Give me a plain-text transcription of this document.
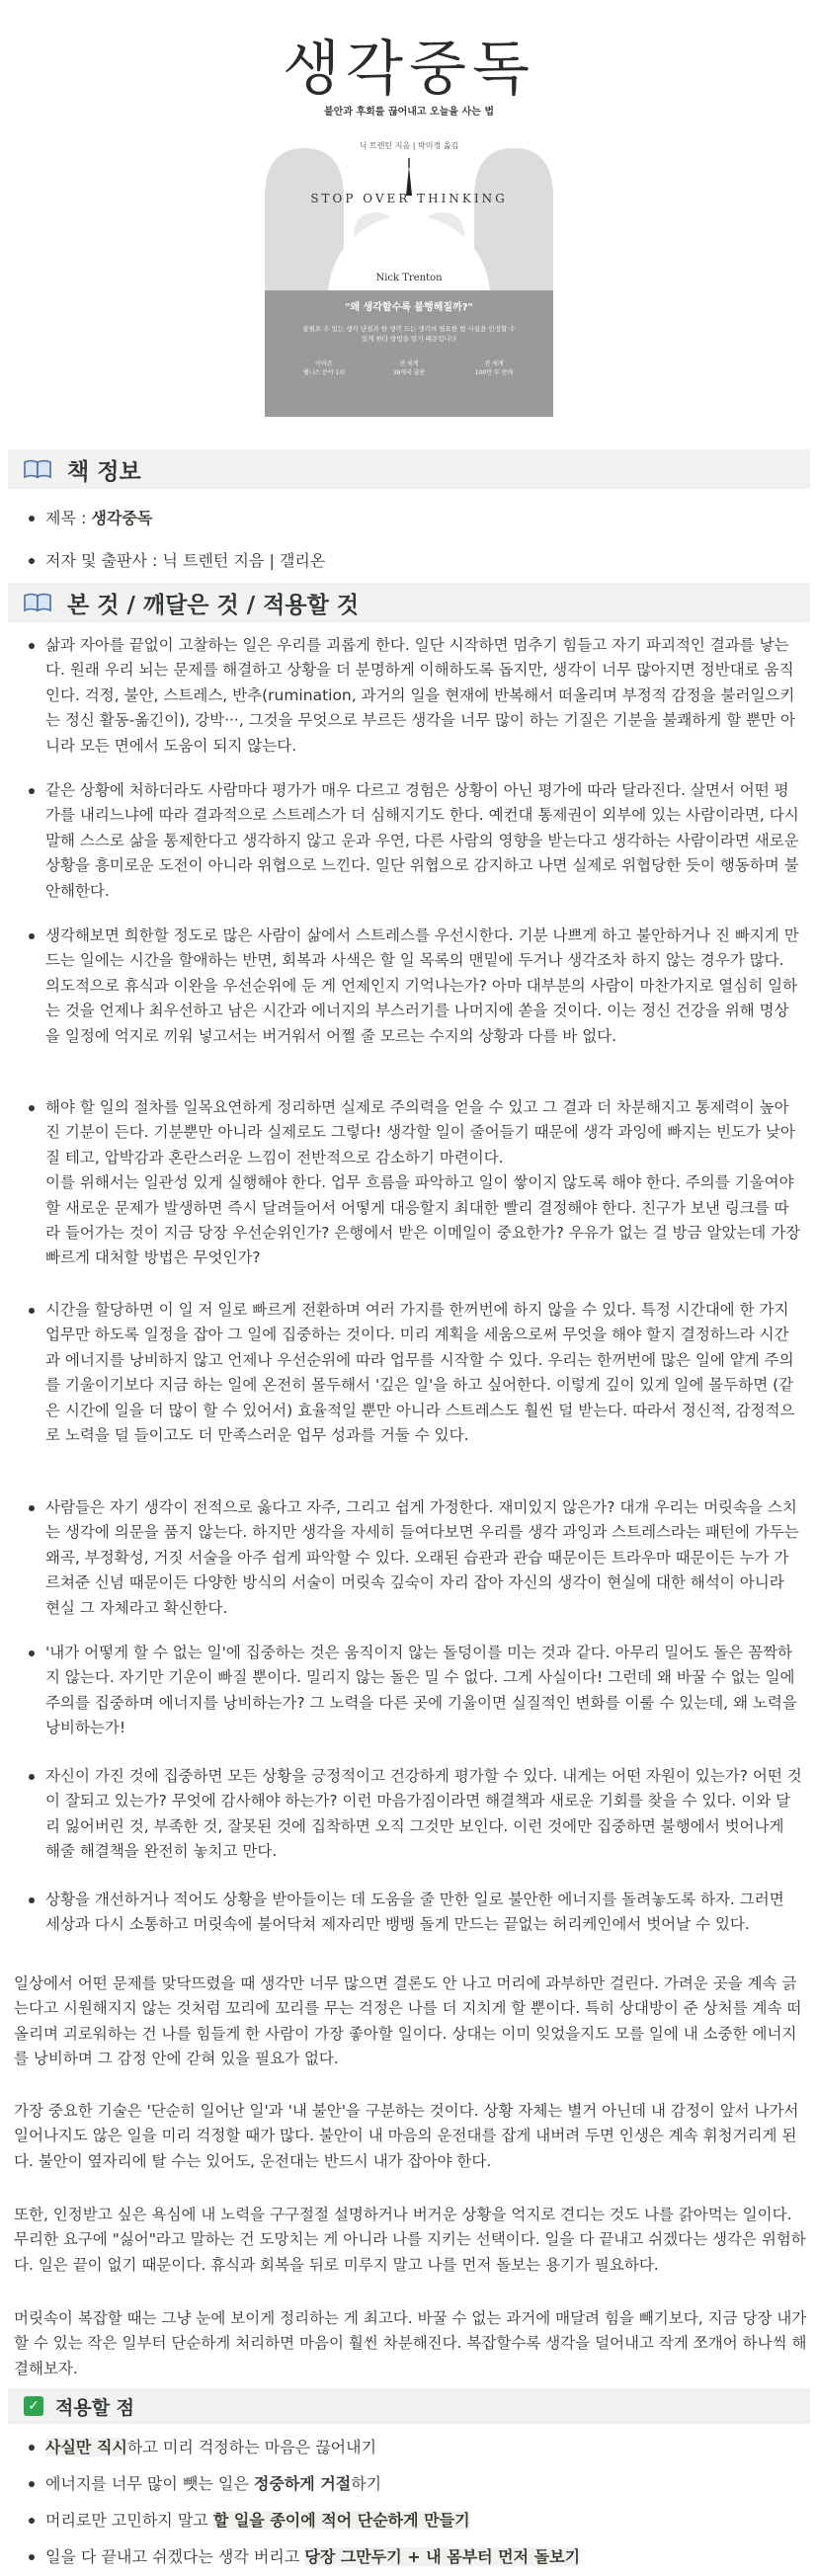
생각중독
불안과 후회를 끊어내고 오늘을 사는 법
닉 트렌턴 지음 | 박미경 옮김
STOP OVER THINKING
Nick Trenton
"왜 생각할수록 불행해질까?"
불필요 수 있는 생각 단점과 한 생각 드는 생각의 필요한 법 사실을 인정할 수 있게 한다 방법을 알기 때문입니다
아마존
웰니스 분야 1위
전 세계
39개국 출판
전 세계
100만 부 판매
책 정보
제목 : 생각중독
저자 및 출판사 : 닉 트렌턴 지음 | 갤리온
본 것 / 깨달은 것 / 적용할 것

삶과 자아를 끝없이 고찰하는 일은 우리를 괴롭게 한다. 일단 시작하면 멈추기 힘들고 자기 파괴적인 결과를 낳는다. 원래 우리 뇌는 문제를 해결하고 상황을 더 분명하게 이해하도록 돕지만, 생각이 너무 많아지면 정반대로 움직인다. 걱정, 불안, 스트레스, 반추(rumination, 과거의 일을 현재에 반복해서 떠올리며 부정적 감정을 불러일으키는 정신 활동-옮긴이), 강박···, 그것을 무엇으로 부르든 생각을 너무 많이 하는 기질은 기분을 불쾌하게 할 뿐만 아니라 모든 면에서 도움이 되지 않는다.

같은 상황에 처하더라도 사람마다 평가가 매우 다르고 경험은 상황이 아닌 평가에 따라 달라진다. 살면서 어떤 평가를 내리느냐에 따라 결과적으로 스트레스가 더 심해지기도 한다. 예컨대 통제권이 외부에 있는 사람이라면, 다시 말해 스스로 삶을 통제한다고 생각하지 않고 운과 우연, 다른 사람의 영향을 받는다고 생각하는 사람이라면 새로운 상황을 흥미로운 도전이 아니라 위협으로 느낀다. 일단 위협으로 감지하고 나면 실제로 위협당한 듯이 행동하며 불안해한다.

생각해보면 희한할 정도로 많은 사람이 삶에서 스트레스를 우선시한다. 기분 나쁘게 하고 불안하거나 진 빠지게 만드는 일에는 시간을 할애하는 반면, 회복과 사색은 할 일 목록의 맨밑에 두거나 생각조차 하지 않는 경우가 많다. 의도적으로 휴식과 이완을 우선순위에 둔 게 언제인지 기억나는가? 아마 대부분의 사람이 마찬가지로 열심히 일하는 것을 언제나 최우선하고 남은 시간과 에너지의 부스러기를 나머지에 쏟을 것이다. 이는 정신 건강을 위해 명상을 일정에 억지로 끼워 넣고서는 버거워서 어쩔 줄 모르는 수지의 상황과 다를 바 없다.

해야 할 일의 절차를 일목요연하게 정리하면 실제로 주의력을 얻을 수 있고 그 결과 더 차분해지고 통제력이 높아진 기분이 든다. 기분뿐만 아니라 실제로도 그렇다! 생각할 일이 줄어들기 때문에 생각 과잉에 빠지는 빈도가 낮아질 테고, 압박감과 혼란스러운 느낌이 전반적으로 감소하기 마련이다.

이를 위해서는 일관성 있게 실행해야 한다. 업무 흐름을 파악하고 일이 쌓이지 않도록 해야 한다. 주의를 기울여야 할 새로운 문제가 발생하면 즉시 달려들어서 어떻게 대응할지 최대한 빨리 결정해야 한다. 친구가 보낸 링크를 따라 들어가는 것이 지금 당장 우선순위인가? 은행에서 받은 이메일이 중요한가? 우유가 없는 걸 방금 알았는데 가장 빠르게 대처할 방법은 무엇인가?

시간을 할당하면 이 일 저 일로 빠르게 전환하며 여러 가지를 한꺼번에 하지 않을 수 있다. 특정 시간대에 한 가지 업무만 하도록 일정을 잡아 그 일에 집중하는 것이다. 미리 계획을 세움으로써 무엇을 해야 할지 결정하느라 시간과 에너지를 낭비하지 않고 언제나 우선순위에 따라 업무를 시작할 수 있다. 우리는 한꺼번에 많은 일에 얕게 주의를 기울이기보다 지금 하는 일에 온전히 몰두해서 '깊은 일'을 하고 싶어한다. 이렇게 깊이 있게 일에 몰두하면 (같은 시간에 일을 더 많이 할 수 있어서) 효율적일 뿐만 아니라 스트레스도 훨씬 덜 받는다. 따라서 정신적, 감정적으로 노력을 덜 들이고도 더 만족스러운 업무 성과를 거둘 수 있다.

사람들은 자기 생각이 전적으로 옳다고 자주, 그리고 쉽게 가정한다. 재미있지 않은가? 대개 우리는 머릿속을 스치는 생각에 의문을 품지 않는다. 하지만 생각을 자세히 들여다보면 우리를 생각 과잉과 스트레스라는 패턴에 가두는 왜곡, 부정확성, 거짓 서술을 아주 쉽게 파악할 수 있다. 오래된 습관과 관습 때문이든 트라우마 때문이든 누가 가르쳐준 신념 때문이든 다양한 방식의 서술이 머릿속 깊숙이 자리 잡아 자신의 생각이 현실에 대한 해석이 아니라 현실 그 자체라고 확신한다.

'내가 어떻게 할 수 없는 일'에 집중하는 것은 움직이지 않는 돌덩이를 미는 것과 같다. 아무리 밀어도 돌은 꼼짝하지 않는다. 자기만 기운이 빠질 뿐이다. 밀리지 않는 돌은 밀 수 없다. 그게 사실이다! 그런데 왜 바꿀 수 없는 일에 주의를 집중하며 에너지를 낭비하는가? 그 노력을 다른 곳에 기울이면 실질적인 변화를 이룰 수 있는데, 왜 노력을 낭비하는가!

자신이 가진 것에 집중하면 모든 상황을 긍정적이고 건강하게 평가할 수 있다. 내게는 어떤 자원이 있는가? 어떤 것이 잘되고 있는가? 무엇에 감사해야 하는가? 이런 마음가짐이라면 해결책과 새로운 기회를 찾을 수 있다. 이와 달리 잃어버린 것, 부족한 것, 잘못된 것에 집착하면 오직 그것만 보인다. 이런 것에만 집중하면 불행에서 벗어나게 해줄 해결책을 완전히 놓치고 만다.

상황을 개선하거나 적어도 상황을 받아들이는 데 도움을 줄 만한 일로 불안한 에너지를 돌려놓도록 하자. 그러면 세상과 다시 소통하고 머릿속에 불어닥쳐 제자리만 뱅뱅 돌게 만드는 끝없는 허리케인에서 벗어날 수 있다.

일상에서 어떤 문제를 맞닥뜨렸을 때 생각만 너무 많으면 결론도 안 나고 머리에 과부하만 걸린다. 가려운 곳을 계속 긁는다고 시원해지지 않는 것처럼 꼬리에 꼬리를 무는 걱정은 나를 더 지치게 할 뿐이다. 특히 상대방이 준 상처를 계속 떠올리며 괴로워하는 건 나를 힘들게 한 사람이 가장 좋아할 일이다. 상대는 이미 잊었을지도 모를 일에 내 소중한 에너지를 낭비하며 그 감정 안에 갇혀 있을 필요가 없다.

가장 중요한 기술은 '단순히 일어난 일'과 '내 불안'을 구분하는 것이다. 상황 자체는 별거 아닌데 내 감정이 앞서 나가서 일어나지도 않은 일을 미리 걱정할 때가 많다. 불안이 내 마음의 운전대를 잡게 내버려 두면 인생은 계속 휘청거리게 된다. 불안이 옆자리에 탈 수는 있어도, 운전대는 반드시 내가 잡아야 한다.

또한, 인정받고 싶은 욕심에 내 노력을 구구절절 설명하거나 버거운 상황을 억지로 견디는 것도 나를 갉아먹는 일이다. 무리한 요구에 "싫어"라고 말하는 건 도망치는 게 아니라 나를 지키는 선택이다. 일을 다 끝내고 쉬겠다는 생각은 위험하다. 일은 끝이 없기 때문이다. 휴식과 회복을 뒤로 미루지 말고 나를 먼저 돌보는 용기가 필요하다.

머릿속이 복잡할 때는 그냥 눈에 보이게 정리하는 게 최고다. 바꿀 수 없는 과거에 매달려 힘을 빼기보다, 지금 당장 내가 할 수 있는 작은 일부터 단순하게 처리하면 마음이 훨씬 차분해진다. 복잡할수록 생각을 덜어내고 작게 쪼개어 하나씩 해결해보자.

✓ 적용할 점
사실만 직시하고 미리 걱정하는 마음은 끊어내기
에너지를 너무 많이 뺏는 일은 정중하게 거절하기
머리로만 고민하지 말고 할 일을 종이에 적어 단순하게 만들기
일을 다 끝내고 쉬겠다는 생각 버리고 당장 그만두기 + 내 몸부터 먼저 돌보기
